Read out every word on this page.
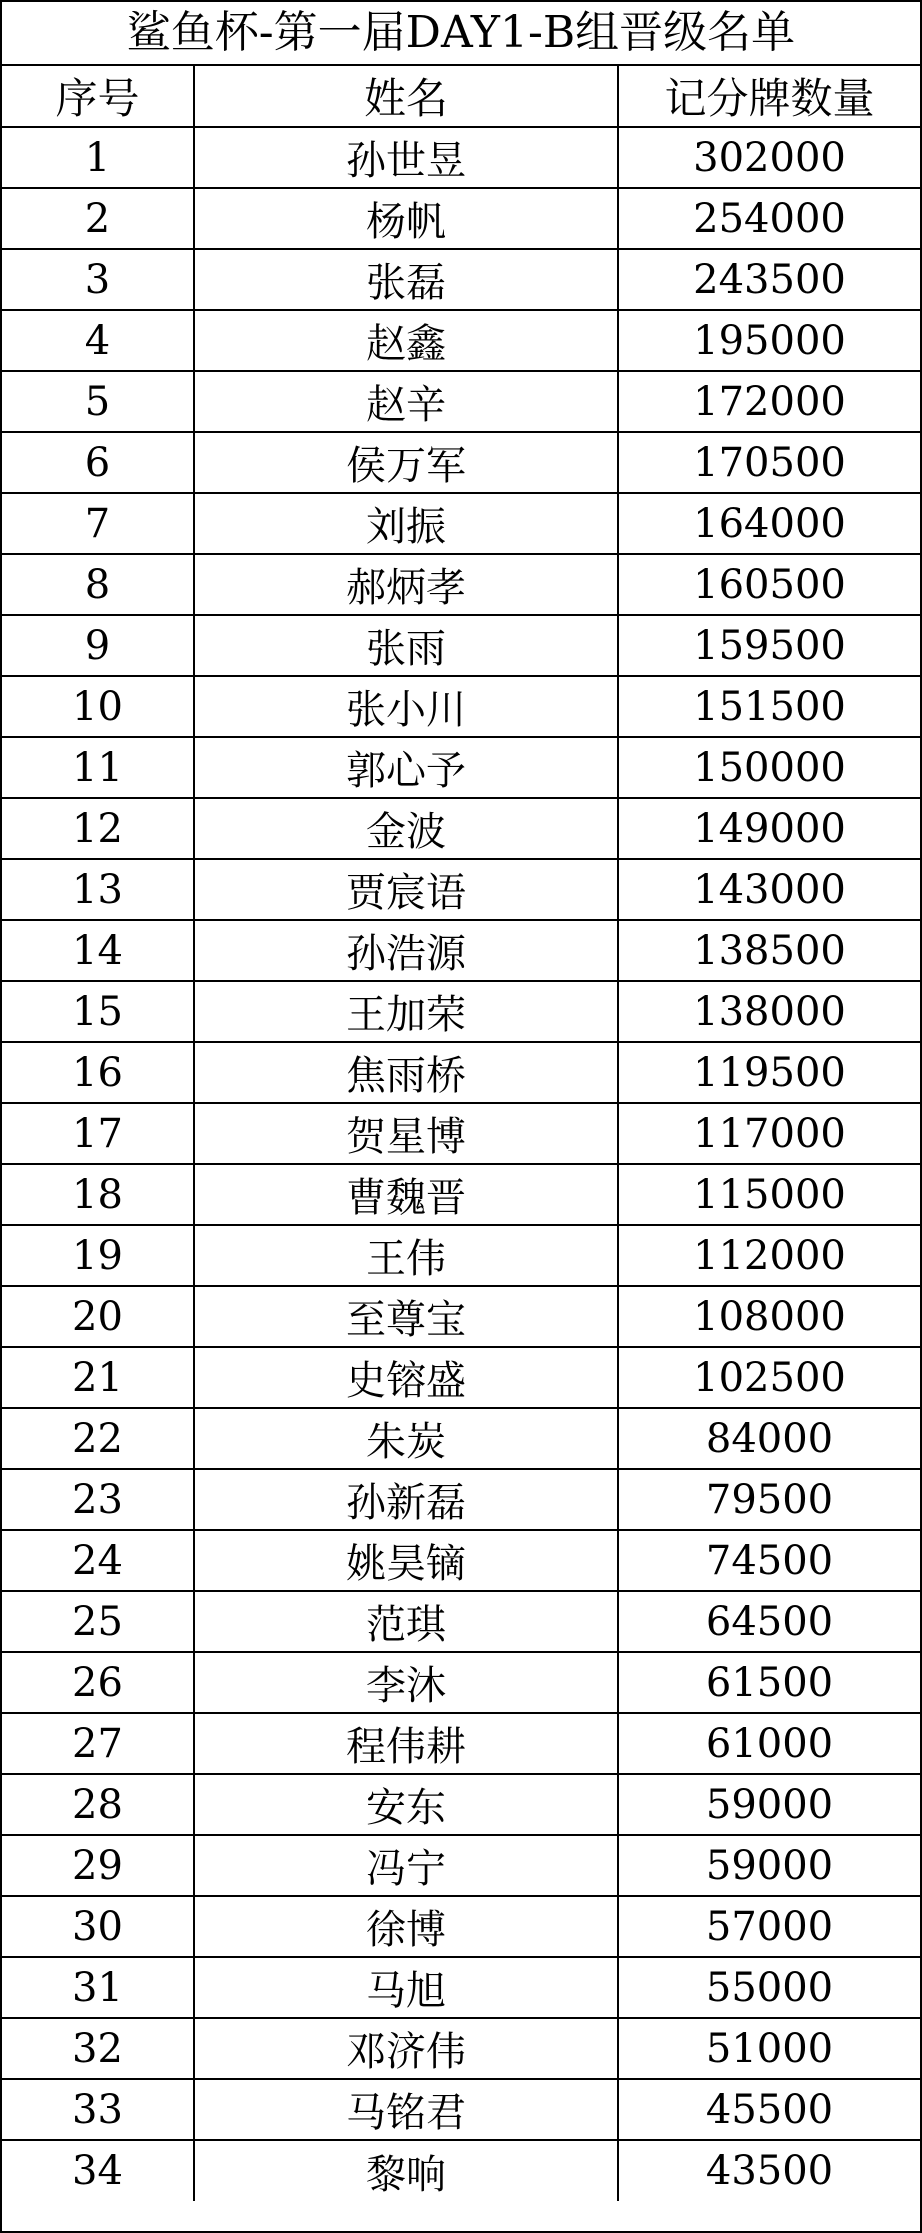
鲨鱼杯-第一届DAY1-B组晋级名单
序号	姓名	记分牌数量
1	孙世昱	302000
2	杨帆	254000
3	张磊	243500
4	赵鑫	195000
5	赵辛	172000
6	侯万军	170500
7	刘振	164000
8	郝炳孝	160500
9	张雨	159500
10	张小川	151500
11	郭心予	150000
12	金波	149000
13	贾宸语	143000
14	孙浩源	138500
15	王加荣	138000
16	焦雨桥	119500
17	贺星博	117000
18	曹魏晋	115000
19	王伟	112000
20	至尊宝	108000
21	史镕盛	102500
22	朱炭	84000
23	孙新磊	79500
24	姚昊镝	74500
25	范琪	64500
26	李沐	61500
27	程伟耕	61000
28	安东	59000
29	冯宁	59000
30	徐博	57000
31	马旭	55000
32	邓济伟	51000
33	马铭君	45500
34	黎响	43500
